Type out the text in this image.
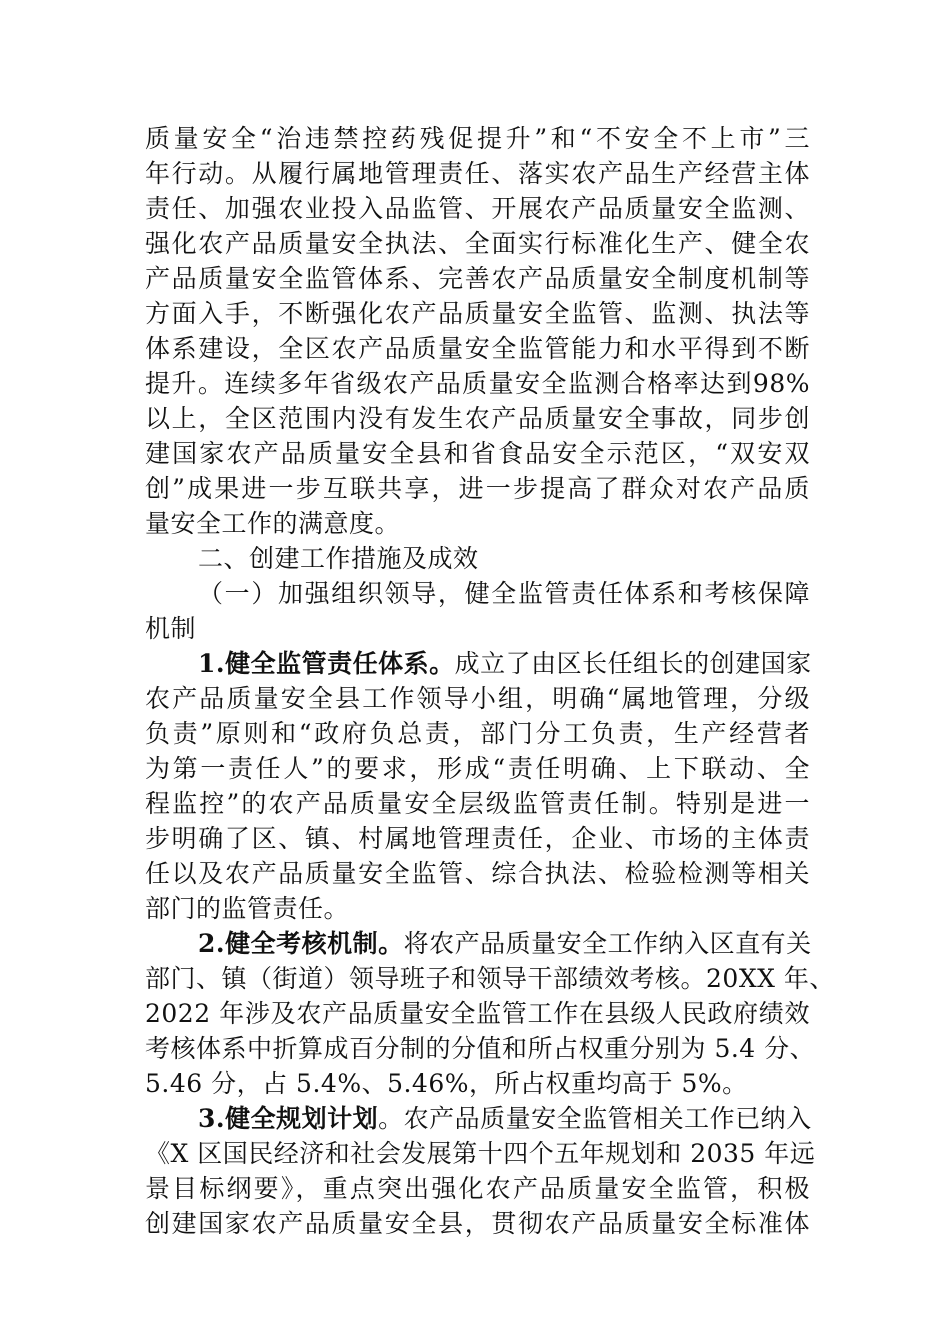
质量安全“治违禁控药残促提升”和“不安全不上市”三
年行动。从履行属地管理责任、落实农产品生产经营主体
责任、加强农业投入品监管、开展农产品质量安全监测、
强化农产品质量安全执法、全面实行标准化生产、健全农
产品质量安全监管体系、完善农产品质量安全制度机制等
方面入手，不断强化农产品质量安全监管、监测、执法等
体系建设，全区农产品质量安全监管能力和水平得到不断
提升。连续多年省级农产品质量安全监测合格率达到98%
以上，全区范围内没有发生农产品质量安全事故，同步创
建国家农产品质量安全县和省食品安全示范区，“双安双
创”成果进一步互联共享，进一步提高了群众对农产品质
量安全工作的满意度。
二、创建工作措施及成效
（一）加强组织领导，健全监管责任体系和考核保障
机制
1.健全监管责任体系。成立了由区长任组长的创建国家
农产品质量安全县工作领导小组，明确“属地管理，分级
负责”原则和“政府负总责，部门分工负责，生产经营者
为第一责任人”的要求，形成“责任明确、上下联动、全
程监控”的农产品质量安全层级监管责任制。特别是进一
步明确了区、镇、村属地管理责任，企业、市场的主体责
任以及农产品质量安全监管、综合执法、检验检测等相关
部门的监管责任。
2.健全考核机制。将农产品质量安全工作纳入区直有关
部门、镇（街道）领导班子和领导干部绩效考核。20XX 年、
2022 年涉及农产品质量安全监管工作在县级人民政府绩效
考核体系中折算成百分制的分值和所占权重分别为 5.4 分、
5.46 分，占 5.4%、5.46%，所占权重均高于 5%。
3.健全规划计划。农产品质量安全监管相关工作已纳入
《X 区国民经济和社会发展第十四个五年规划和 2035 年远
景目标纲要》，重点突出强化农产品质量安全监管，积极
创建国家农产品质量安全县，贯彻农产品质量安全标准体
